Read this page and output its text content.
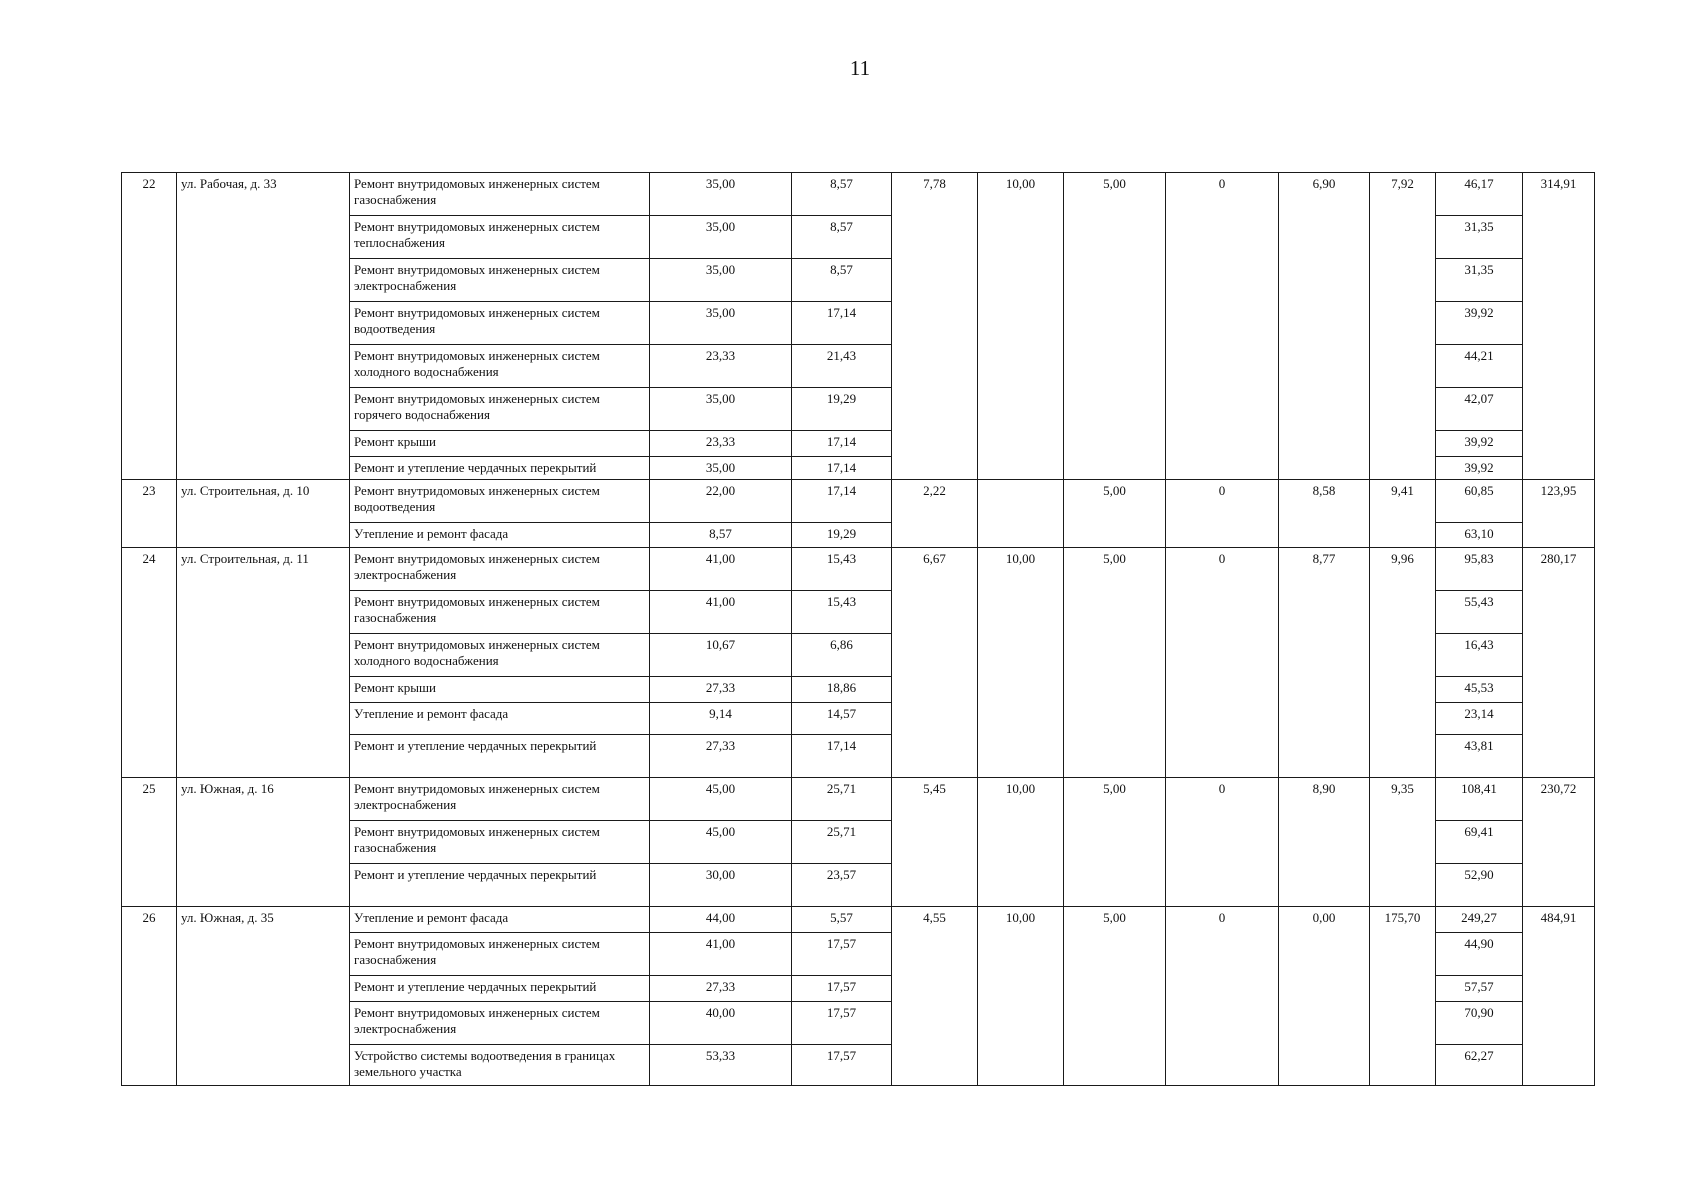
11
22	ул. Рабочая, д. 33	Ремонт внутридомовых инженерных систем газоснабжения	35,00	8,57	7,78	10,00	5,00	0	6,90	7,92	46,17	314,91
		Ремонт внутридомовых инженерных систем теплоснабжения	35,00	8,57							31,35	
		Ремонт внутридомовых инженерных систем электроснабжения	35,00	8,57							31,35	
		Ремонт внутридомовых инженерных систем водоотведения	35,00	17,14							39,92	
		Ремонт внутридомовых инженерных систем холодного водоснабжения	23,33	21,43							44,21	
		Ремонт внутридомовых инженерных систем горячего водоснабжения	35,00	19,29							42,07	
		Ремонт крыши	23,33	17,14							39,92	
		Ремонт и утепление чердачных перекрытий	35,00	17,14							39,92	
23	ул. Строительная, д. 10	Ремонт внутридомовых инженерных систем водоотведения	22,00	17,14	2,22		5,00	0	8,58	9,41	60,85	123,95
		Утепление и ремонт фасада	8,57	19,29							63,10	
24	ул. Строительная, д. 11	Ремонт внутридомовых инженерных систем электроснабжения	41,00	15,43	6,67	10,00	5,00	0	8,77	9,96	95,83	280,17
		Ремонт внутридомовых инженерных систем газоснабжения	41,00	15,43							55,43	
		Ремонт внутридомовых инженерных систем холодного водоснабжения	10,67	6,86							16,43	
		Ремонт крыши	27,33	18,86							45,53	
		Утепление и ремонт фасада	9,14	14,57							23,14	
		Ремонт и утепление чердачных перекрытий	27,33	17,14							43,81	
25	ул. Южная, д. 16	Ремонт внутридомовых инженерных систем электроснабжения	45,00	25,71	5,45	10,00	5,00	0	8,90	9,35	108,41	230,72
		Ремонт внутридомовых инженерных систем газоснабжения	45,00	25,71							69,41	
		Ремонт и утепление чердачных перекрытий	30,00	23,57							52,90	
26	ул. Южная, д. 35	Утепление и ремонт фасада	44,00	5,57	4,55	10,00	5,00	0	0,00	175,70	249,27	484,91
		Ремонт внутридомовых инженерных систем газоснабжения	41,00	17,57							44,90	
		Ремонт и утепление чердачных перекрытий	27,33	17,57							57,57	
		Ремонт внутридомовых инженерных систем электроснабжения	40,00	17,57							70,90	
		Устройство системы водоотведения в границах земельного участка	53,33	17,57							62,27	
